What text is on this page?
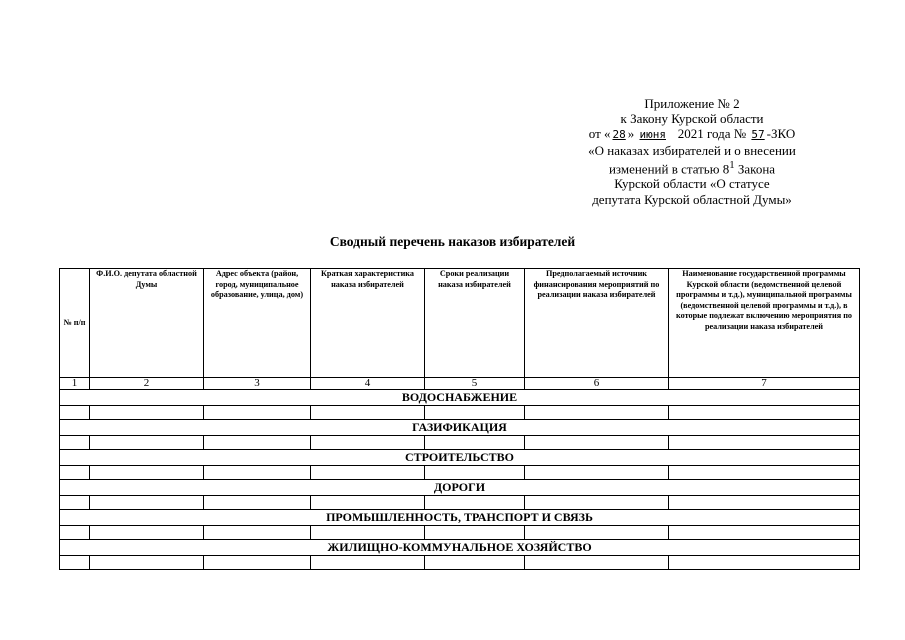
Приложение № 2
к Закону Курской области
от « 28 » июня 2021 года № 57 -ЗКО
«О наказах избирателей и о внесении
изменений в статью $8^1$ Закона
Курской области «О статусе
депутата Курской областной Думы»
Сводный перечень наказов избирателей
№ п/п	Ф.И.О. депутата областной Думы	Адрес объекта (район, город, муниципальное образование, улица, дом)	Краткая характеристика наказа избирателей	Сроки реализации наказа избирателей	Предполагаемый источник финансирования мероприятий по реализации наказа избирателей	Наименование государственной программы Курской области (ведомственной целевой программы и т.д.), муниципальной программы (ведомственной целевой программы и т.д.), в которые подлежат включению мероприятия по реализации наказа избирателей
1	2	3	4	5	6	7
ВОДОСНАБЖЕНИЕ						

ГАЗИФИКАЦИЯ						

СТРОИТЕЛЬСТВО						

ДОРОГИ						

ПРОМЫШЛЕННОСТЬ, ТРАНСПОРТ И СВЯЗЬ						

ЖИЛИЩНО-КОММУНАЛЬНОЕ ХОЗЯЙСТВО						
